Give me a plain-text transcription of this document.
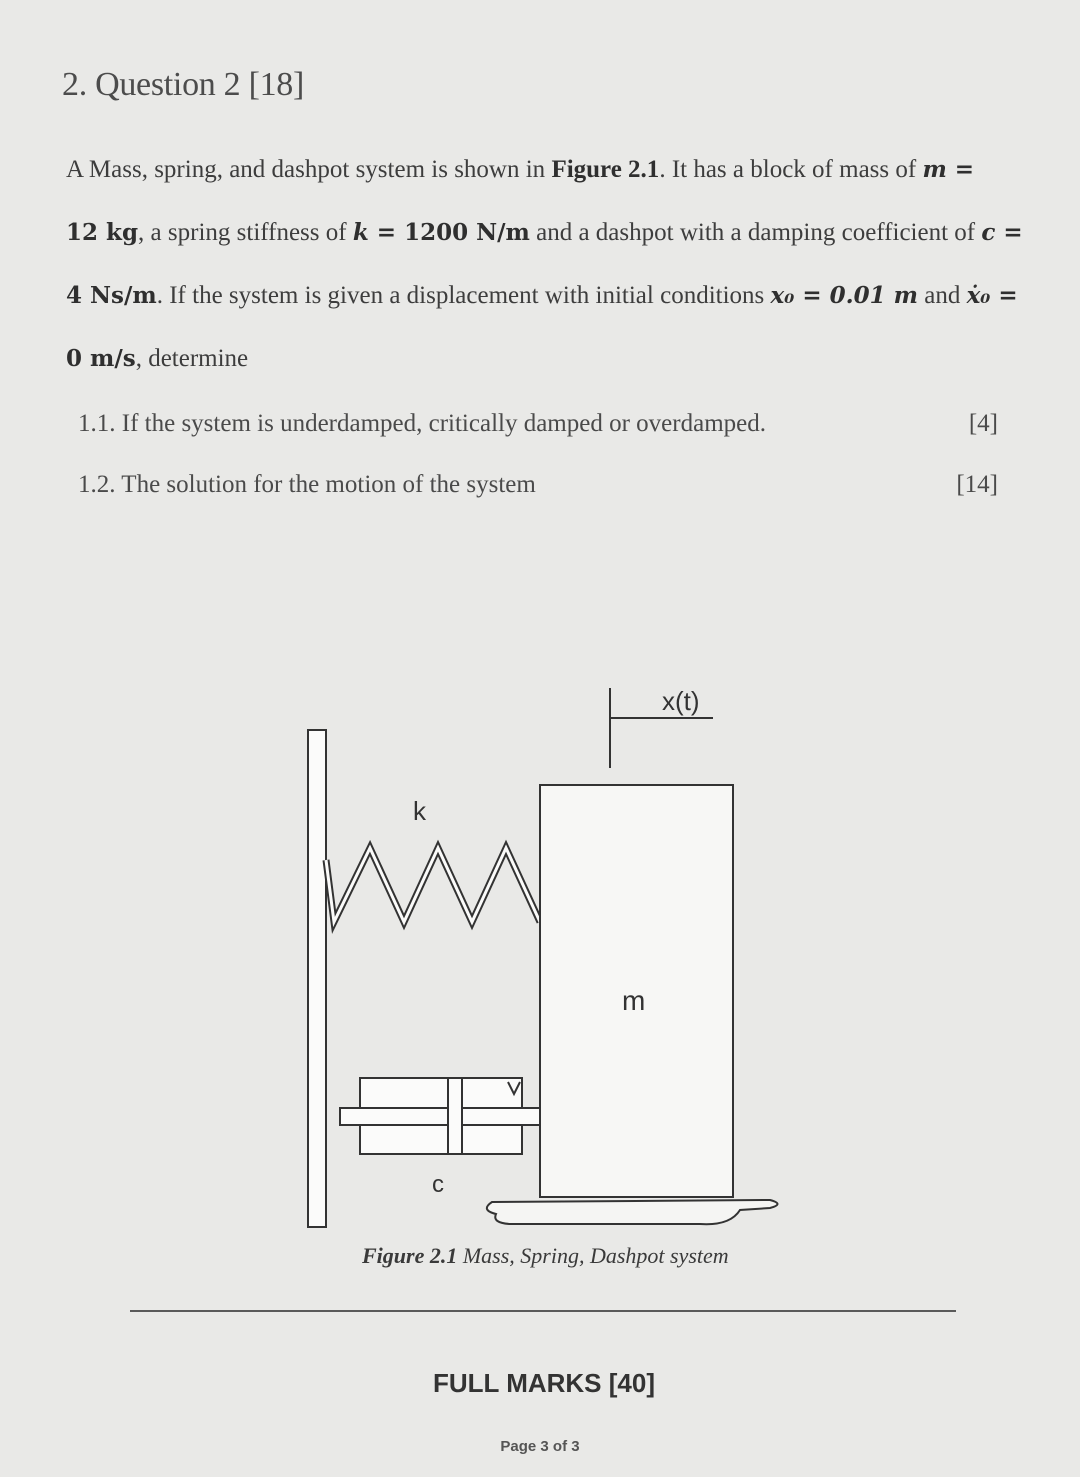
2. Question 2 [18]
A Mass, spring, and dashpot system is shown in Figure 2.1. It has a block of mass of m =
12 kg, a spring stiffness of k = 1200 N/m and a dashpot with a damping coefficient of c =
4 Ns/m. If the system is given a displacement with initial conditions x₀ = 0.01 m and ẋ₀ =
0 m/s, determine
1.1. If the system is underdamped, critically damped or overdamped.	[4]
1.2. The solution for the motion of the system	[14]
x(t)
k
m
c
Figure 2.1 Mass, Spring, Dashpot system
FULL MARKS [40]
Page 3 of 3
